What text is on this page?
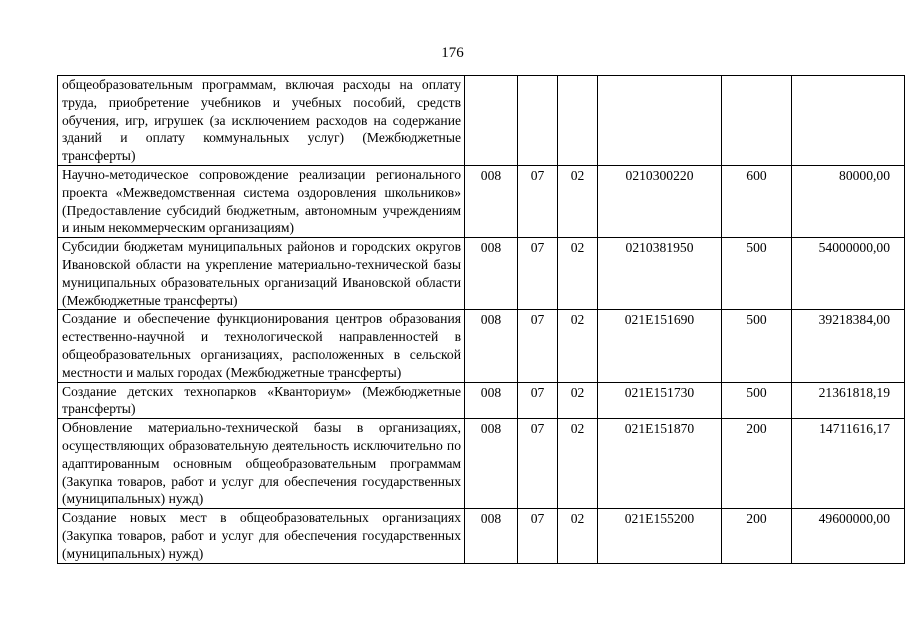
176
общеобразовательным программам, включая расходы на оплату труда, приобретение учебников и учебных пособий, средств обучения, игр, игрушек (за исключением расходов на содержание зданий и оплату коммунальных услуг) (Межбюджетные трансферты)						
Научно-методическое сопровождение реализации регионального проекта «Межведомственная система оздоровления школьников» (Предоставление субсидий бюджетным, автономным учреждениям и иным некоммерческим организациям)	008	07	02	0210300220	600	80000,00
Субсидии бюджетам муниципальных районов и городских округов Ивановской области на укрепление материально-технической базы муниципальных образовательных организаций Ивановской области (Межбюджетные трансферты)	008	07	02	0210381950	500	54000000,00
Создание и обеспечение функционирования центров образования естественно-научной и технологической направленностей в общеобразовательных организациях, расположенных в сельской местности и малых городах (Межбюджетные трансферты)	008	07	02	021E151690	500	39218384,00
Создание детских технопарков «Кванториум» (Межбюджетные трансферты)	008	07	02	021E151730	500	21361818,19
Обновление материально-технической базы в организациях, осуществляющих образовательную деятельность исключительно по адаптированным основным общеобразовательным программам (Закупка товаров, работ и услуг для обеспечения государственных (муниципальных) нужд)	008	07	02	021E151870	200	14711616,17
Создание новых мест в общеобразовательных организациях (Закупка товаров, работ и услуг для обеспечения государственных (муниципальных) нужд)	008	07	02	021E155200	200	49600000,00
